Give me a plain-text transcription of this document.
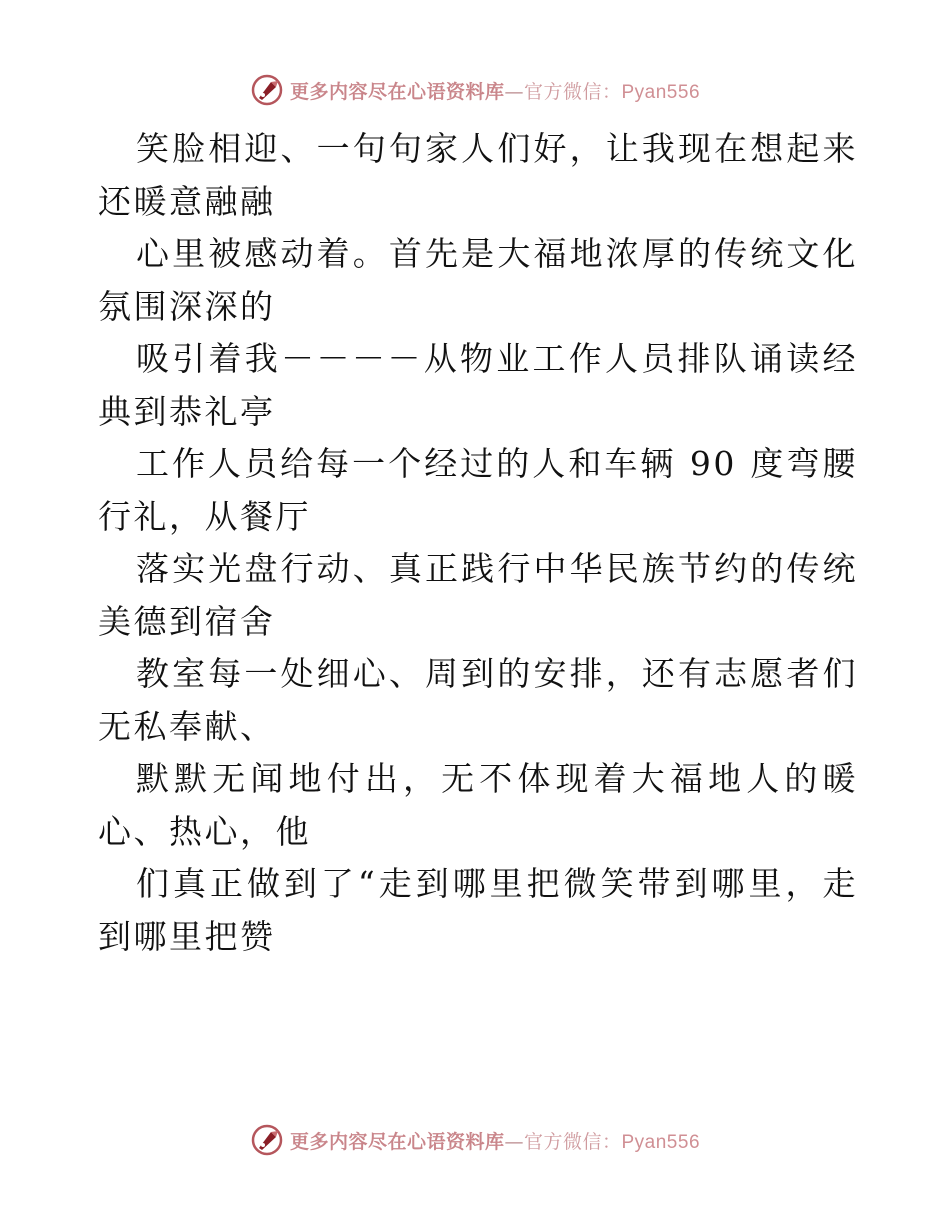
更多内容尽在心语资料库—官方微信：Pyan556

笑脸相迎、一句句家人们好，让我现在想起来还暖意融融

心里被感动着。首先是大福地浓厚的传统文化氛围深深的

吸引着我－－－－从物业工作人员排队诵读经典到恭礼亭

工作人员给每一个经过的人和车辆 90 度弯腰行礼，从餐厅

落实光盘行动、真正践行中华民族节约的传统美德到宿舍

教室每一处细心、周到的安排，还有志愿者们无私奉献、

默默无闻地付出，无不体现着大福地人的暖心、热心，他

们真正做到了“走到哪里把微笑带到哪里，走到哪里把赞

更多内容尽在心语资料库—官方微信：Pyan556
